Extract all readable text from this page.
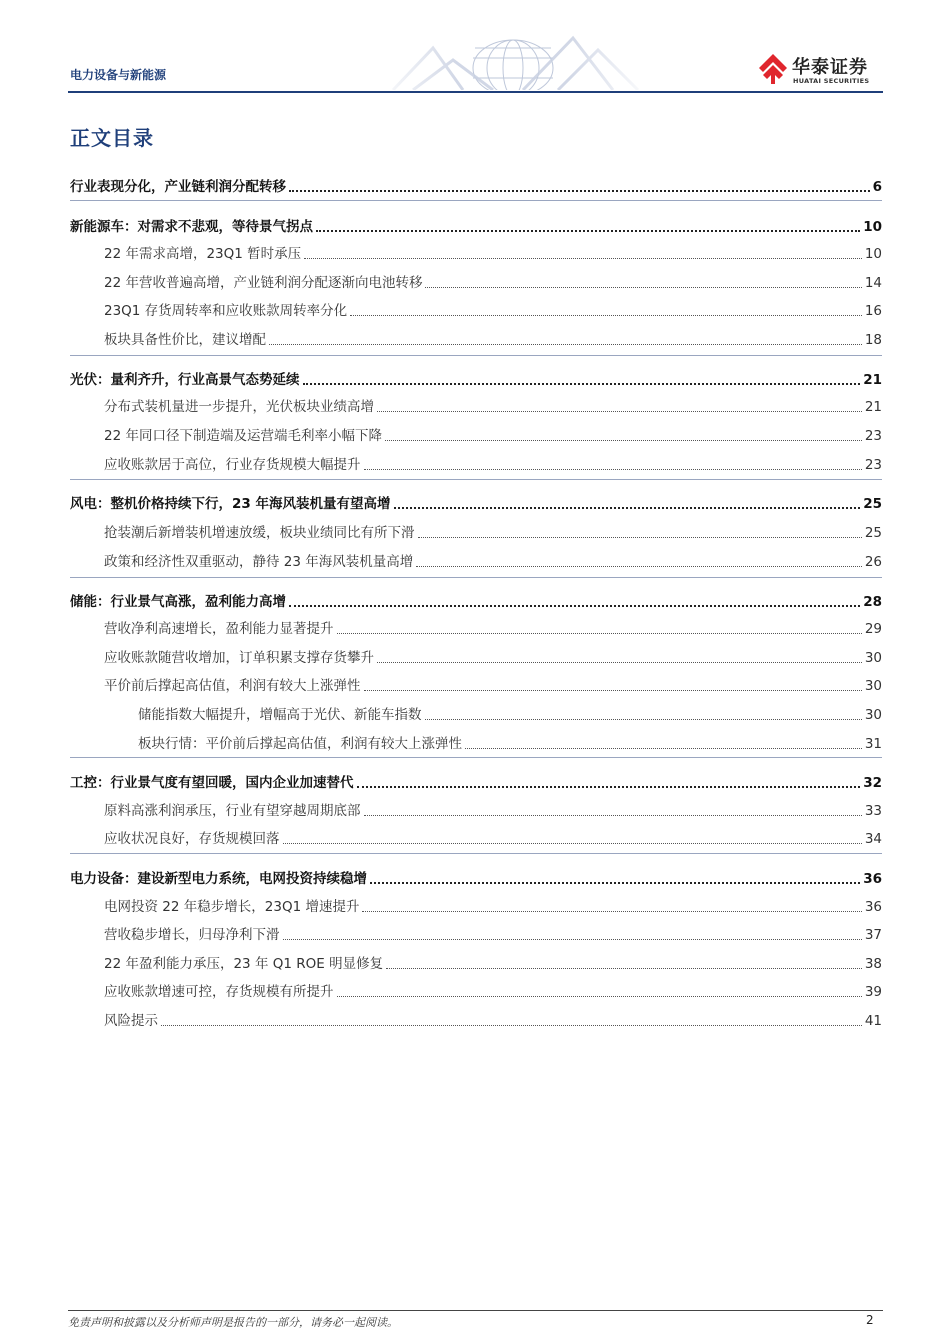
电力设备与新能源	华泰证券
HUATAI SECURITIES
正文目录
行业表现分化，产业链利润分配转移	6
新能源车：对需求不悲观，等待景气拐点	10
22 年需求高增，23Q1 暂时承压	10
22 年营收普遍高增，产业链利润分配逐渐向电池转移	14
23Q1 存货周转率和应收账款周转率分化	16
板块具备性价比，建议增配	18
光伏：量利齐升，行业高景气态势延续	21
分布式装机量进一步提升，光伏板块业绩高增	21
22 年同口径下制造端及运营端毛利率小幅下降	23
应收账款居于高位，行业存货规模大幅提升	23
风电：整机价格持续下行，23 年海风装机量有望高增	25
抢装潮后新增装机增速放缓，板块业绩同比有所下滑	25
政策和经济性双重驱动，静待 23 年海风装机量高增	26
储能：行业景气高涨，盈利能力高增	28
营收净利高速增长，盈利能力显著提升	29
应收账款随营收增加，订单积累支撑存货攀升	30
平价前后撑起高估值，利润有较大上涨弹性	30
储能指数大幅提升，增幅高于光伏、新能车指数	30
板块行情：平价前后撑起高估值，利润有较大上涨弹性	31
工控：行业景气度有望回暖，国内企业加速替代	32
原料高涨利润承压，行业有望穿越周期底部	33
应收状况良好，存货规模回落	34
电力设备：建设新型电力系统，电网投资持续稳增	36
电网投资 22 年稳步增长，23Q1 增速提升	36
营收稳步增长，归母净利下滑	37
22 年盈利能力承压，23 年 Q1 ROE 明显修复	38
应收账款增速可控，存货规模有所提升	39
风险提示	41
免责声明和披露以及分析师声明是报告的一部分，请务必一起阅读。	2
